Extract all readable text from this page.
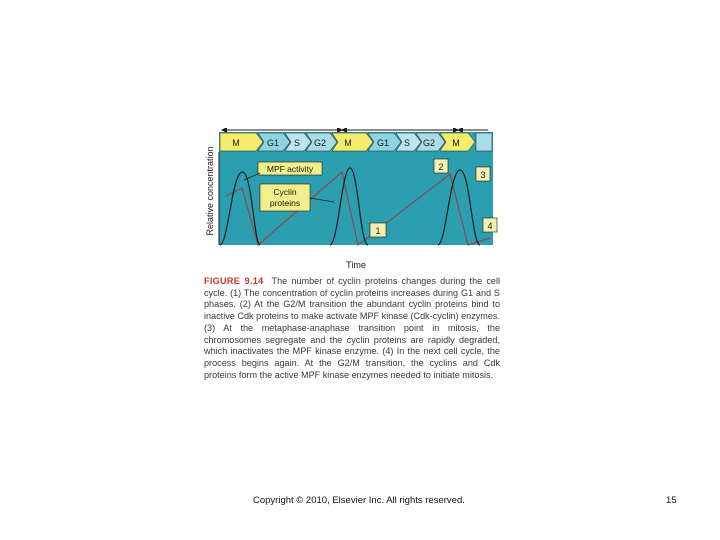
M	G1 S G2 M	G1 S G2 M
MPF activity
Cyclin
proteins
1
2
3
4
Relative concentration
Time
FIGURE 9.14 The number of cyclin proteins changes during the cell cycle. (1) The concentration of cyclin proteins increases during G1 and S phases. (2) At the G2/M transition the abundant cyclin proteins bind to inactive Cdk proteins to make activate MPF kinase (Cdk-cyclin) enzymes. (3) At the metaphase-anaphase transition point in mitosis, the chromosomes segregate and the cyclin proteins are rapidly degraded, which inactivates the MPF kinase enzyme. (4) In the next cell cycle, the process begins again. At the G2/M transition, the cyclins and Cdk proteins form the active MPF kinase enzymes needed to initiate mitosis.
Copyright © 2010, Elsevier Inc. All rights reserved.	15
